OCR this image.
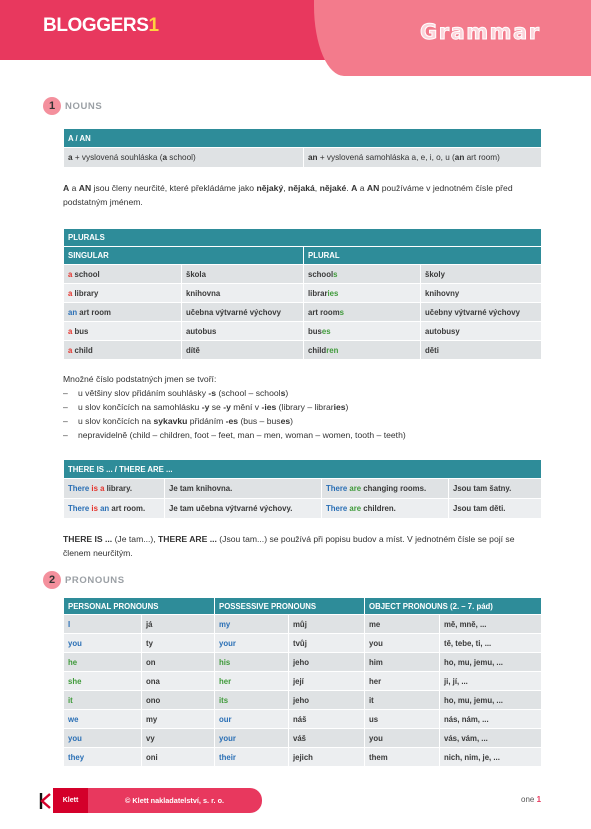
BLOGGERS1	Grammar
1	NOUNS
A / AN
a + vyslovená souhláska (a school)	an + vyslovená samohláska a, e, i, o, u (an art room)
A a AN jsou členy neurčité, které překládáme jako nějaký, nějaká, nějaké. A a AN používáme v jednotném čísle před podstatným jménem.
PLURALS			
SINGULAR		PLURAL	
a school	škola	schools	školy
a library	knihovna	libraries	knihovny
an art room	učebna výtvarné výchovy	art rooms	učebny výtvarné výchovy
a bus	autobus	buses	autobusy
a child	dítě	children	děti
Množné číslo podstatných jmen se tvoří:
–	u většiny slov přidáním souhlásky -s (school – schools)
–	u slov končících na samohlásku -y se -y mění v -ies (library – libraries)
–	u slov končících na sykavku přidáním -es (bus – buses)
–	nepravidelně (child – children, foot – feet, man – men, woman – women, tooth – teeth)
THERE IS ... / THERE ARE ...			
There is a library.	Je tam knihovna.	There are changing rooms.	Jsou tam šatny.
There is an art room.	Je tam učebna výtvarné výchovy.	There are children.	Jsou tam děti.
THERE IS ... (Je tam...), THERE ARE ... (Jsou tam...) se používá při popisu budov a míst. V jednotném čísle se pojí se členem neurčitým.
2	PRONOUNS
PERSONAL PRONOUNS		POSSESSIVE PRONOUNS		OBJECT PRONOUNS (2. – 7. pád)	
I	já	my	můj	me	mě, mně, ...
you	ty	your	tvůj	you	tě, tebe, ti, ...
he	on	his	jeho	him	ho, mu, jemu, ...
she	ona	her	její	her	ji, jí, ...
it	ono	its	jeho	it	ho, mu, jemu, ...
we	my	our	náš	us	nás, nám, ...
you	vy	your	váš	you	vás, vám, ...
they	oni	their	jejich	them	nich, nim, je, ...
Klett	© Klett nakladatelství, s. r. o.	one 1
